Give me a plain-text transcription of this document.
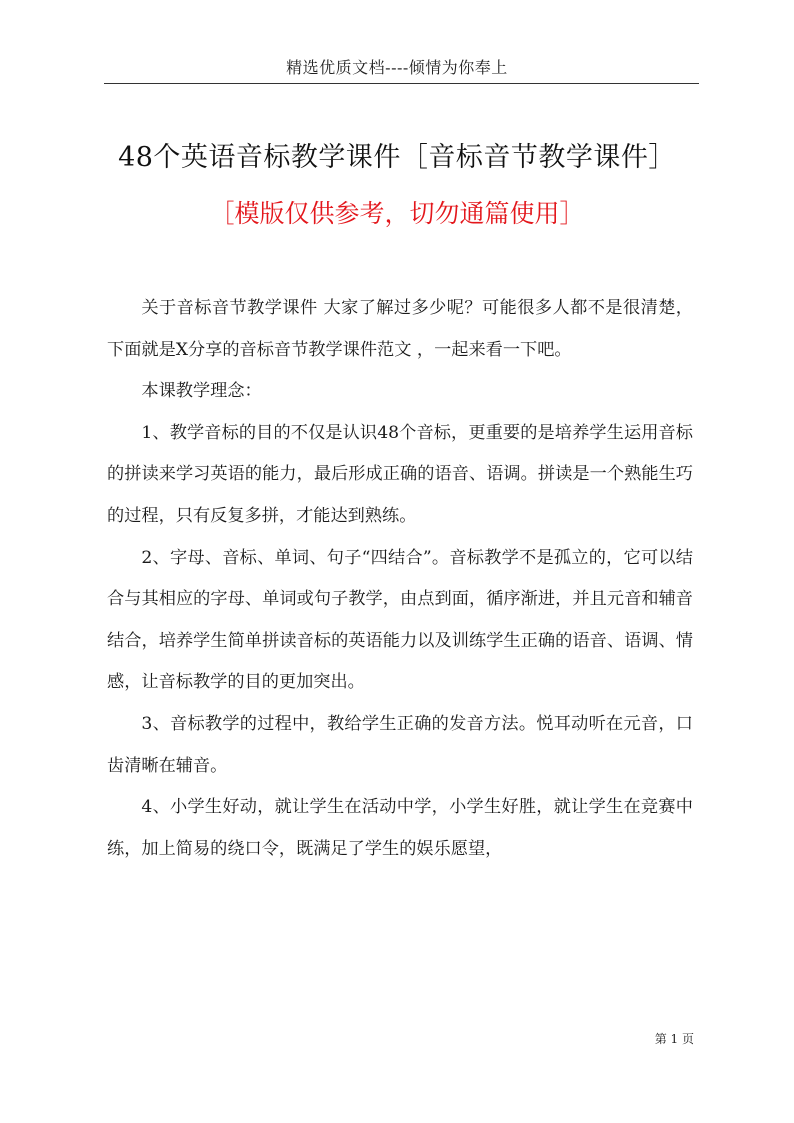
精选优质文档----倾情为你奉上
48个英语音标教学课件［音标音节教学课件］
［模版仅供参考，切勿通篇使用］

关于音标音节教学课件 大家了解过多少呢？可能很多人都不是很清楚，下面就是X分享的音标音节教学课件范文 ，一起来看一下吧。

本课教学理念：

1、教学音标的目的不仅是认识48个音标，更重要的是培养学生运用音标的拼读来学习英语的能力，最后形成正确的语音、语调。拼读是一个熟能生巧的过程，只有反复多拼，才能达到熟练。

2、字母、音标、单词、句子“四结合”。音标教学不是孤立的，它可以结合与其相应的字母、单词或句子教学，由点到面，循序渐进，并且元音和辅音结合，培养学生简单拼读音标的英语能力以及训练学生正确的语音、语调、情感，让音标教学的目的更加突出。

3、音标教学的过程中，教给学生正确的发音方法。悦耳动听在元音，口齿清晰在辅音。

4、小学生好动，就让学生在活动中学，小学生好胜，就让学生在竞赛中练，加上简易的绕口令，既满足了学生的娱乐愿望，

第 1 页
